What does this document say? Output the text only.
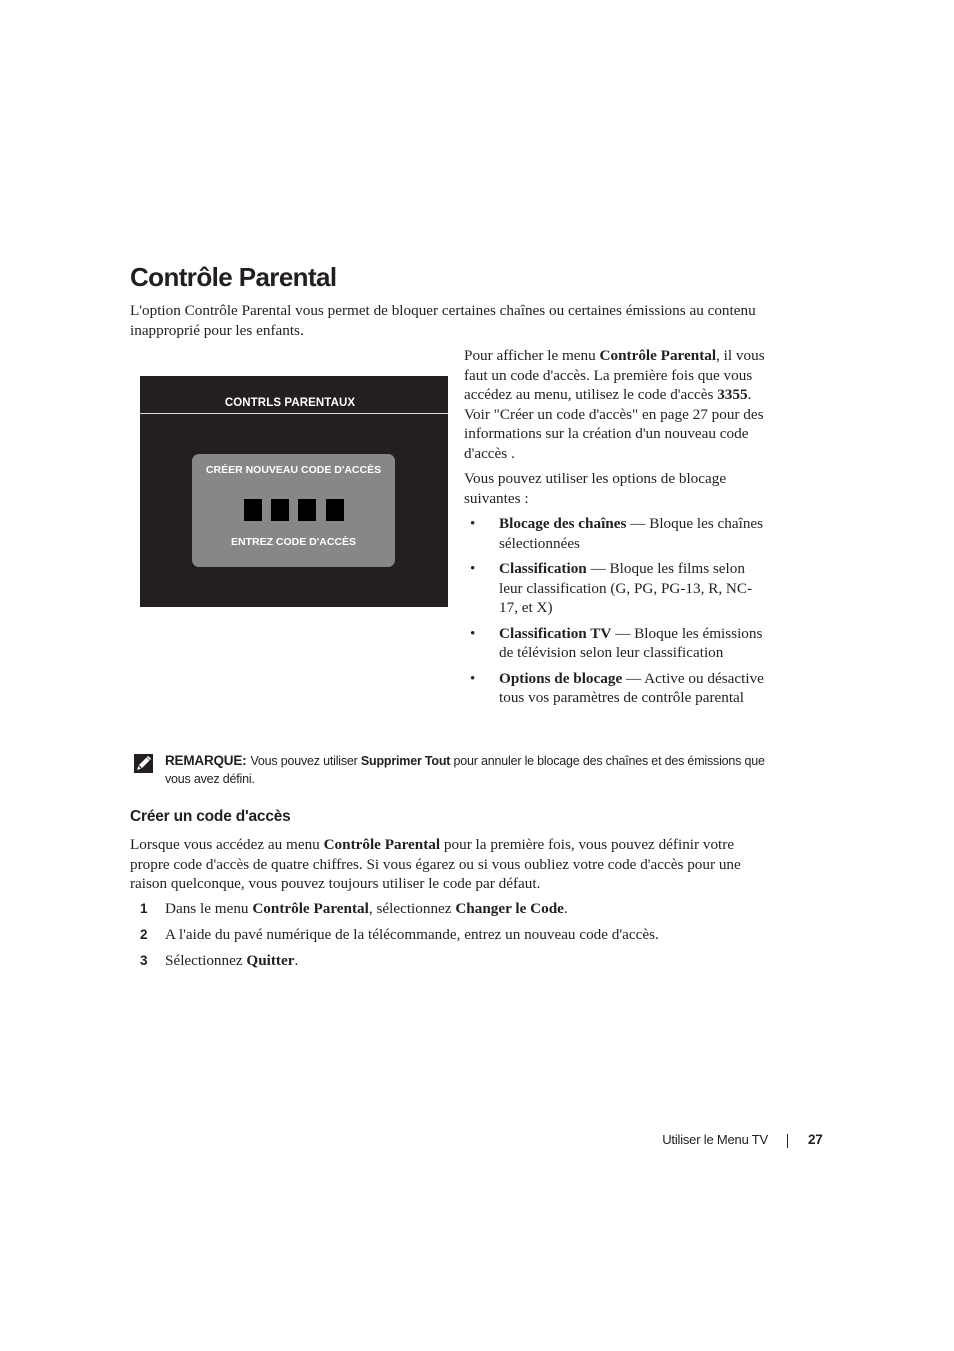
Contrôle Parental
L'option Contrôle Parental vous permet de bloquer certaines chaînes ou certaines émissions au contenu inapproprié pour les enfants.
CONTRLS PARENTAUX
CRÉER NOUVEAU CODE D'ACCÈS
ENTREZ CODE D'ACCÈS

Pour afficher le menu Contrôle Parental, il vous faut un code d'accès. La première fois que vous accédez au menu, utilisez le code d'accès 3355. Voir "Créer un code d'accès" en page 27 pour des informations sur la création d'un nouveau code d'accès .

Vous pouvez utiliser les options de blocage suivantes :

• Blocage des chaînes — Bloque les chaînes sélectionnées
• Classification — Bloque les films selon leur classification (G, PG, PG-13, R, NC-17, et X)
• Classification TV — Bloque les émissions de télévision selon leur classification
• Options de blocage — Active ou désactive tous vos paramètres de contrôle parental
REMARQUE: Vous pouvez utiliser Supprimer Tout pour annuler le blocage des chaînes et des émissions que vous avez défini.
Créer un code d'accès
Lorsque vous accédez au menu Contrôle Parental pour la première fois, vous pouvez définir votre propre code d'accès de quatre chiffres. Si vous égarez ou si vous oubliez votre code d'accès pour une raison quelconque, vous pouvez toujours utiliser le code par défaut.
1 Dans le menu Contrôle Parental, sélectionnez Changer le Code.
2 A l'aide du pavé numérique de la télécommande, entrez un nouveau code d'accès.
3 Sélectionnez Quitter.
Utiliser le Menu TV	27
